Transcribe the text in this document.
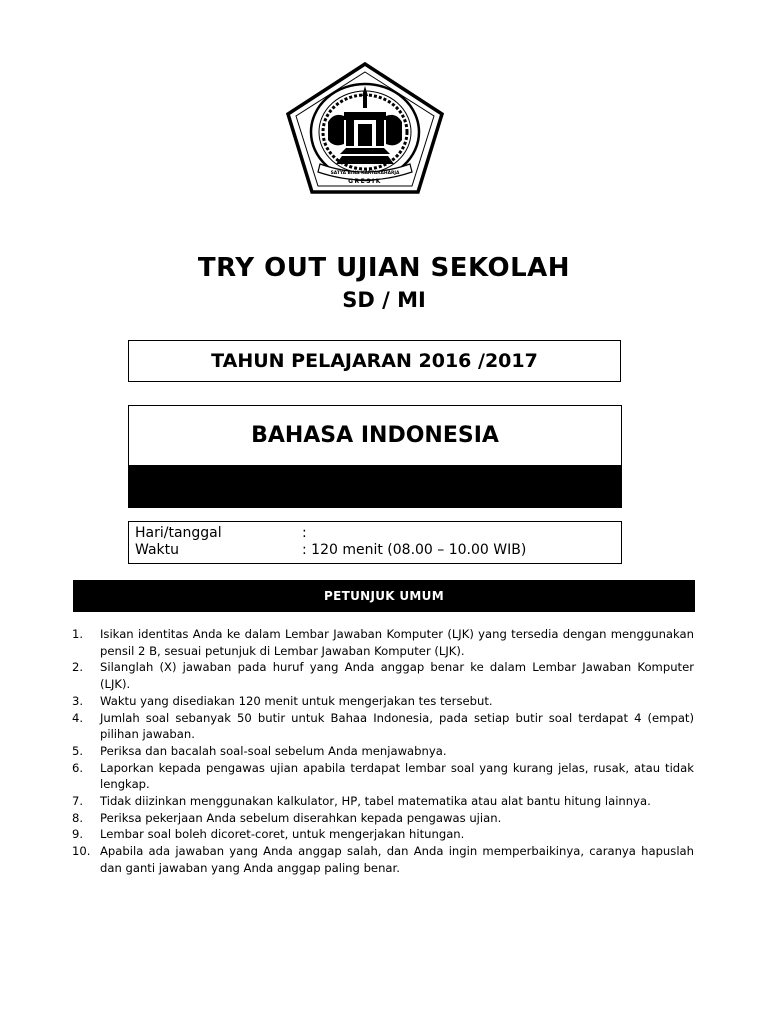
SATYA BINA KARTARAHARJA
GRESIK
TRY OUT UJIAN SEKOLAH
SD / MI
TAHUN PELAJARAN 2016 /2017
BAHASA INDONESIA
Hari/tanggal	:
Waktu	: 120 menit (08.00 – 10.00 WIB)
PETUNJUK UMUM
1.	Isikan identitas Anda ke dalam Lembar Jawaban Komputer (LJK) yang tersedia dengan menggunakan pensil 2 B, sesuai petunjuk di Lembar Jawaban Komputer (LJK).
2.	Silanglah (X) jawaban pada huruf yang Anda anggap benar ke dalam Lembar Jawaban Komputer (LJK).
3.	Waktu yang disediakan 120 menit untuk mengerjakan tes tersebut.
4.	Jumlah soal sebanyak 50 butir untuk Bahaa Indonesia, pada setiap butir soal terdapat 4 (empat) pilihan jawaban.
5.	Periksa dan bacalah soal-soal sebelum Anda menjawabnya.
6.	Laporkan kepada pengawas ujian apabila terdapat lembar soal yang kurang jelas, rusak, atau tidak lengkap.
7.	Tidak diizinkan menggunakan kalkulator, HP, tabel matematika atau alat bantu hitung lainnya.
8.	Periksa pekerjaan Anda sebelum diserahkan kepada pengawas ujian.
9.	Lembar soal boleh dicoret-coret, untuk mengerjakan hitungan.
10. Apabila ada jawaban yang Anda anggap salah, dan Anda ingin memperbaikinya, caranya hapuslah dan ganti jawaban yang Anda anggap paling benar.
